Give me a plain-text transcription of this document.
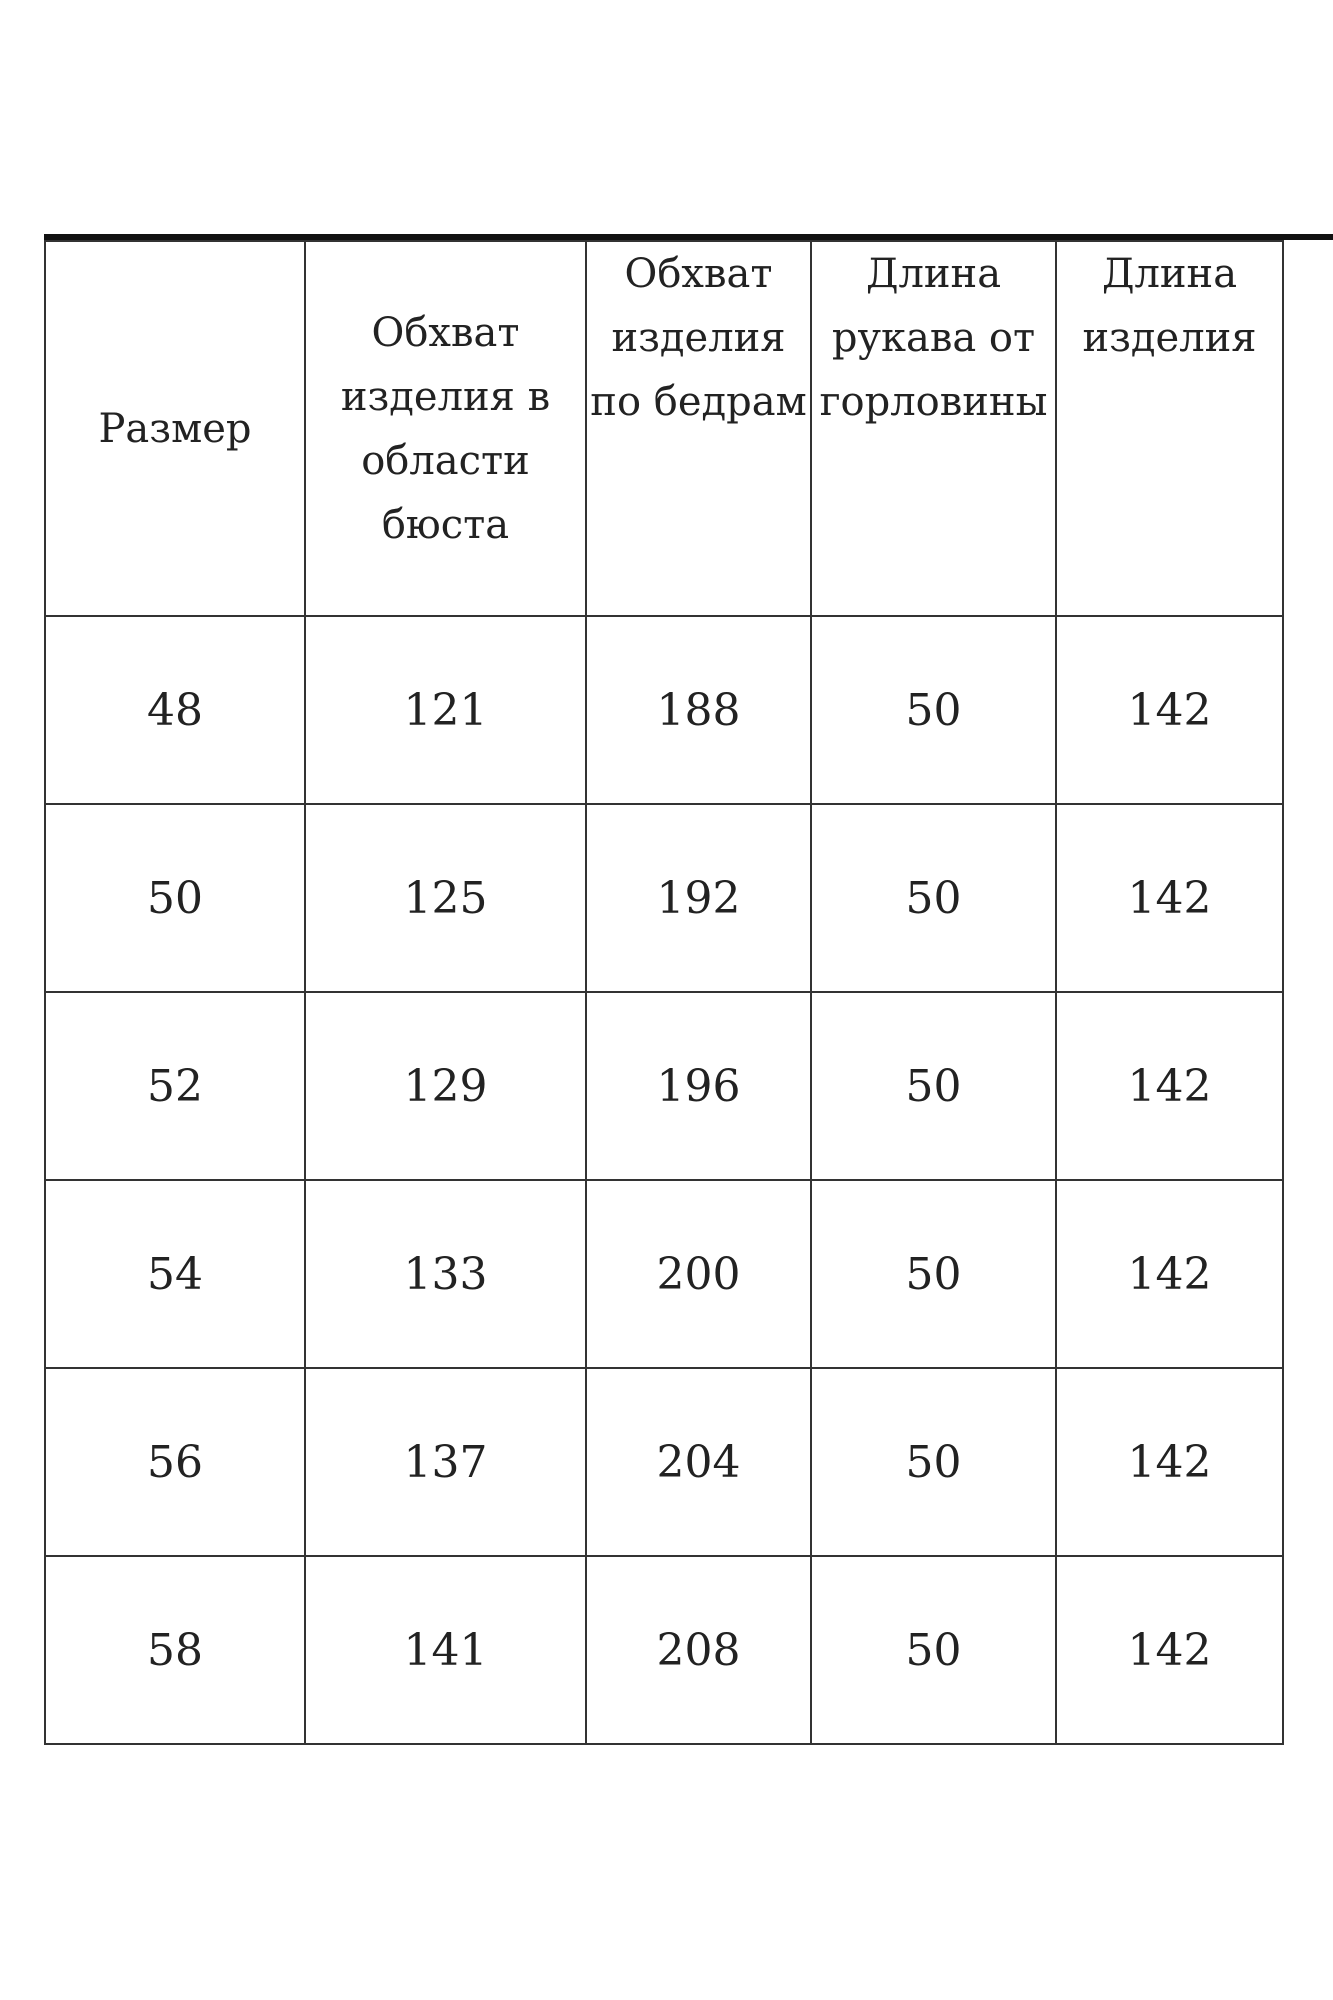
Размер	Обхват изделия в области бюста	Обхват изделия по бедрам	Длина рукава от горловины	Длина изделия

48	121	188	50	142
50	125	192	50	142
52	129	196	50	142
54	133	200	50	142
56	137	204	50	142
58	141	208	50	142
